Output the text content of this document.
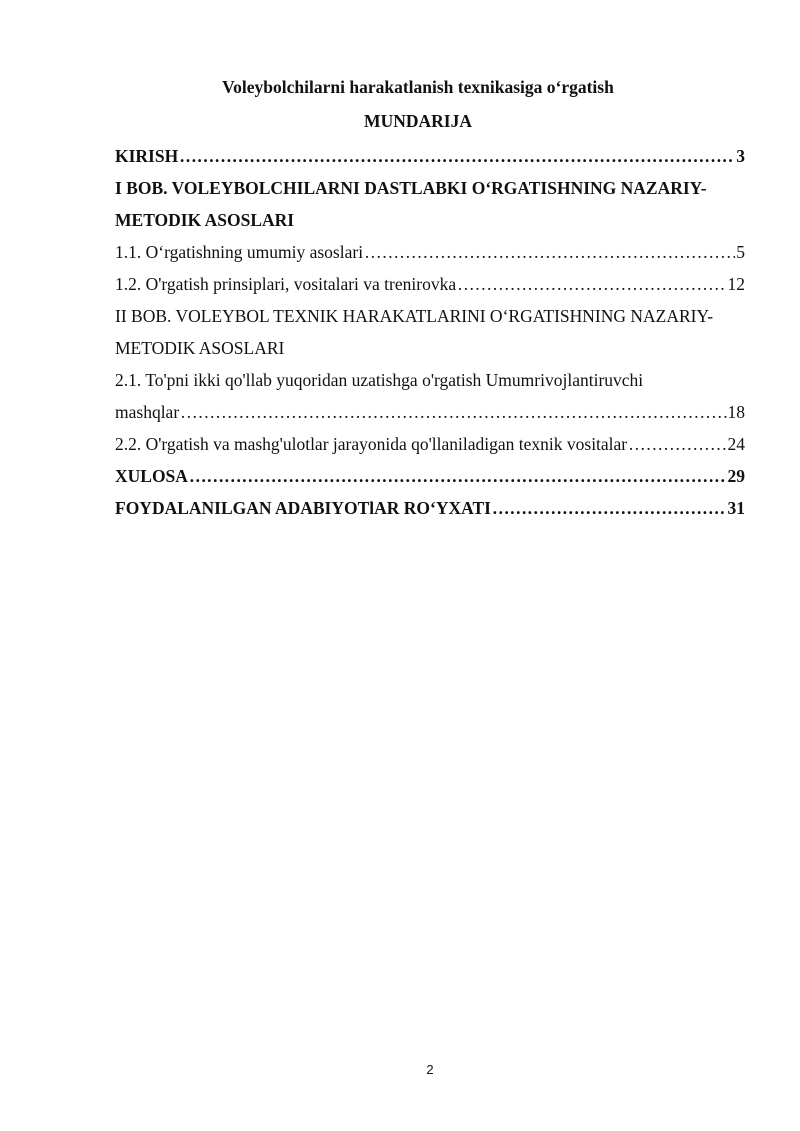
Voleybolchilarni harakatlanish texnikasiga o‘rgatish
MUNDARIJA
KIRISH ……………………………………………………………………………………………………………………………………………………………………	3
I BOB. VOLEYBOLCHILARNI DASTLABKI O‘RGATISHNING NAZARIY-
METODIK ASOSLARI
1.1. O‘rgatishning umumiy asoslari ……………………………………………………………………………………………………………………………………………………………………	5
1.2. O'rgatish prinsiplari, vositalari va trenirovka ……………………………………………………………………………………………………………………………………………………………………	12
II BOB. VOLEYBOL TEXNIK HARAKATLARINI O‘RGATISHNING NAZARIY-
METODIK ASOSLARI
2.1. To'pni ikki qo'llab yuqoridan uzatishga o'rgatish Umumrivojlantiruvchi
mashqlar ……………………………………………………………………………………………………………………………………………………………………	18
2.2. O'rgatish va mashg'ulotlar jarayonida qo'llaniladigan texnik vositalar ……………………………………………………………………………………………………………………………………………………………………	24
XULOSA ……………………………………………………………………………………………………………………………………………………………………	29
FOYDALANILGAN ADABIYOTlAR RO‘YXATI ……………………………………………………………………………………………………………………………………………………………………	31
2
